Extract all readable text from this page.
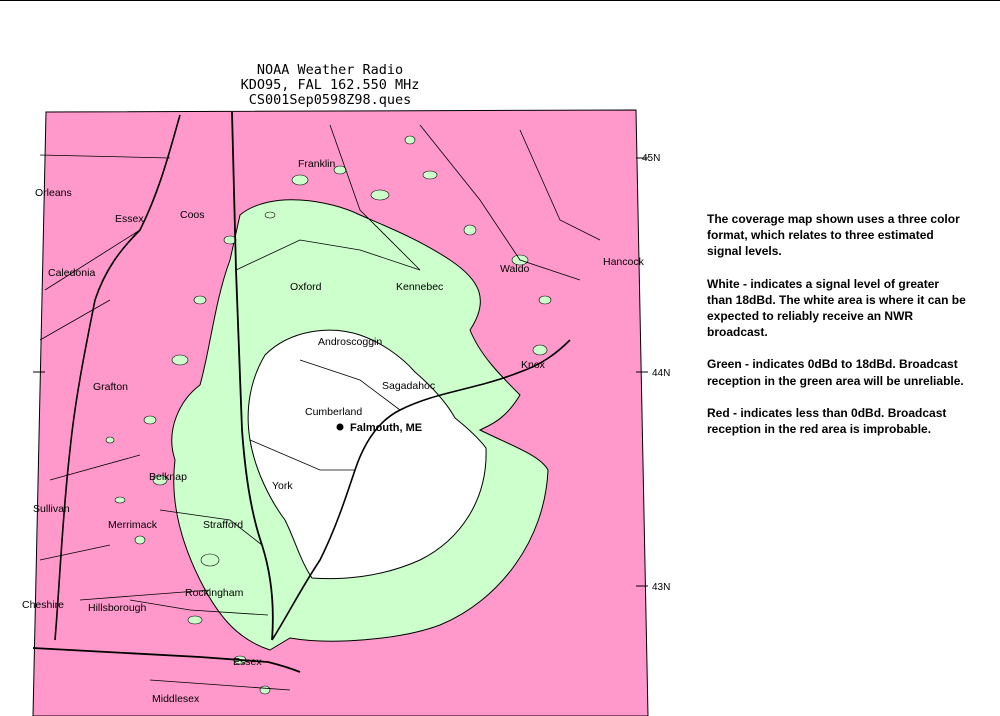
NOAA Weather Radio
KDO95, FAL 162.550 MHz
CS001Sep0598Z98.ques
45N
44N
43N
Orleans
Essex	Coos
Caledonia
Franklin
Oxford	Kennebec
Waldo
Hancock
Androscoggin
Knox
Grafton	Sagadahoc
Cumberland
Belknap
York
Sullivan
Merrimack	Strafford
Cheshire Hillsborough
Rockingham
Essex
Middlesex
Falmouth, ME

The coverage map shown uses a three color format, which relates to three estimated signal levels.

White - indicates a signal level of greater than 18dBd. The white area is where it can be expected to reliably receive an NWR broadcast.

Green - indicates 0dBd to 18dBd. Broadcast reception in the green area will be unreliable.

Red - indicates less than 0dBd. Broadcast reception in the red area is improbable.
